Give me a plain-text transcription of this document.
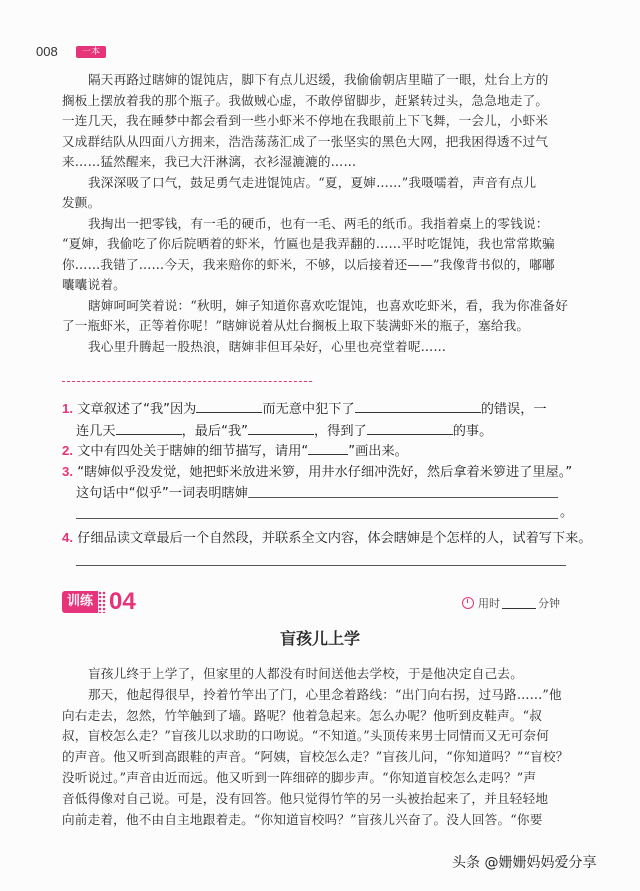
008	一本
隔天再路过瞎婶的馄饨店，脚下有点儿迟缓，我偷偷朝店里瞄了一眼，灶台上方的
搁板上摆放着我的那个瓶子。我做贼心虚，不敢停留脚步，赶紧转过头，急急地走了。
一连几天，我在睡梦中都会看到一些小虾米不停地在我眼前上下飞舞，一会儿，小虾米
又成群结队从四面八方拥来，浩浩荡荡汇成了一张坚实的黑色大网，把我困得透不过气
来……猛然醒来，我已大汗淋漓，衣衫湿漉漉的……
我深深吸了口气，鼓足勇气走进馄饨店。“夏，夏婶……”我嗫嚅着，声音有点儿
发颤。
我掏出一把零钱，有一毛的硬币，也有一毛、两毛的纸币。我指着桌上的零钱说：
“夏婶，我偷吃了你后院晒着的虾米，竹匾也是我弄翻的……平时吃馄饨，我也常常欺骗
你……我错了……今天，我来赔你的虾米，不够，以后接着还——”我像背书似的，嘟嘟
囔囔说着。
瞎婶呵呵笑着说：“秋明，婶子知道你喜欢吃馄饨，也喜欢吃虾米，看，我为你准备好
了一瓶虾米，正等着你呢！”瞎婶说着从灶台搁板上取下装满虾米的瓶子，塞给我。
我心里升腾起一股热浪，瞎婶非但耳朵好，心里也亮堂着呢……
1. 文章叙述了“我”因为	而无意中犯下了	的错误，一
连几天	，最后“我”	，得到了	的事。
2. 文中有四处关于瞎婶的细节描写，请用“	”画出来。
3. “瞎婶似乎没发觉，她把虾米放进米箩，用井水仔细冲洗好，然后拿着米箩进了里屋。”
这句话中“似乎”一词表明瞎婶
。
4. 仔细品读文章最后一个自然段，并联系全文内容，体会瞎婶是个怎样的人，试着写下来。
训练 04	用时	分钟
盲孩儿上学
盲孩儿终于上学了，但家里的人都没有时间送他去学校，于是他决定自己去。
那天，他起得很早，拎着竹竿出了门，心里念着路线：“出门向右拐，过马路……”他
向右走去，忽然，竹竿触到了墙。路呢？他着急起来。怎么办呢？他听到皮鞋声。“叔
叔，盲校怎么走？”盲孩儿以求助的口吻说。“不知道。”头顶传来男士同情而又无可奈何
的声音。他又听到高跟鞋的声音。“阿姨，盲校怎么走？”盲孩儿问，“你知道吗？”“盲校？
没听说过。”声音由近而远。他又听到一阵细碎的脚步声。“你知道盲校怎么走吗？”声
音低得像对自己说。可是，没有回答。他只觉得竹竿的另一头被抬起来了，并且轻轻地
向前走着，他不由自主地跟着走。“你知道盲校吗？”盲孩儿兴奋了。没人回答。“你要
头条 @姗姗妈妈爱分享
